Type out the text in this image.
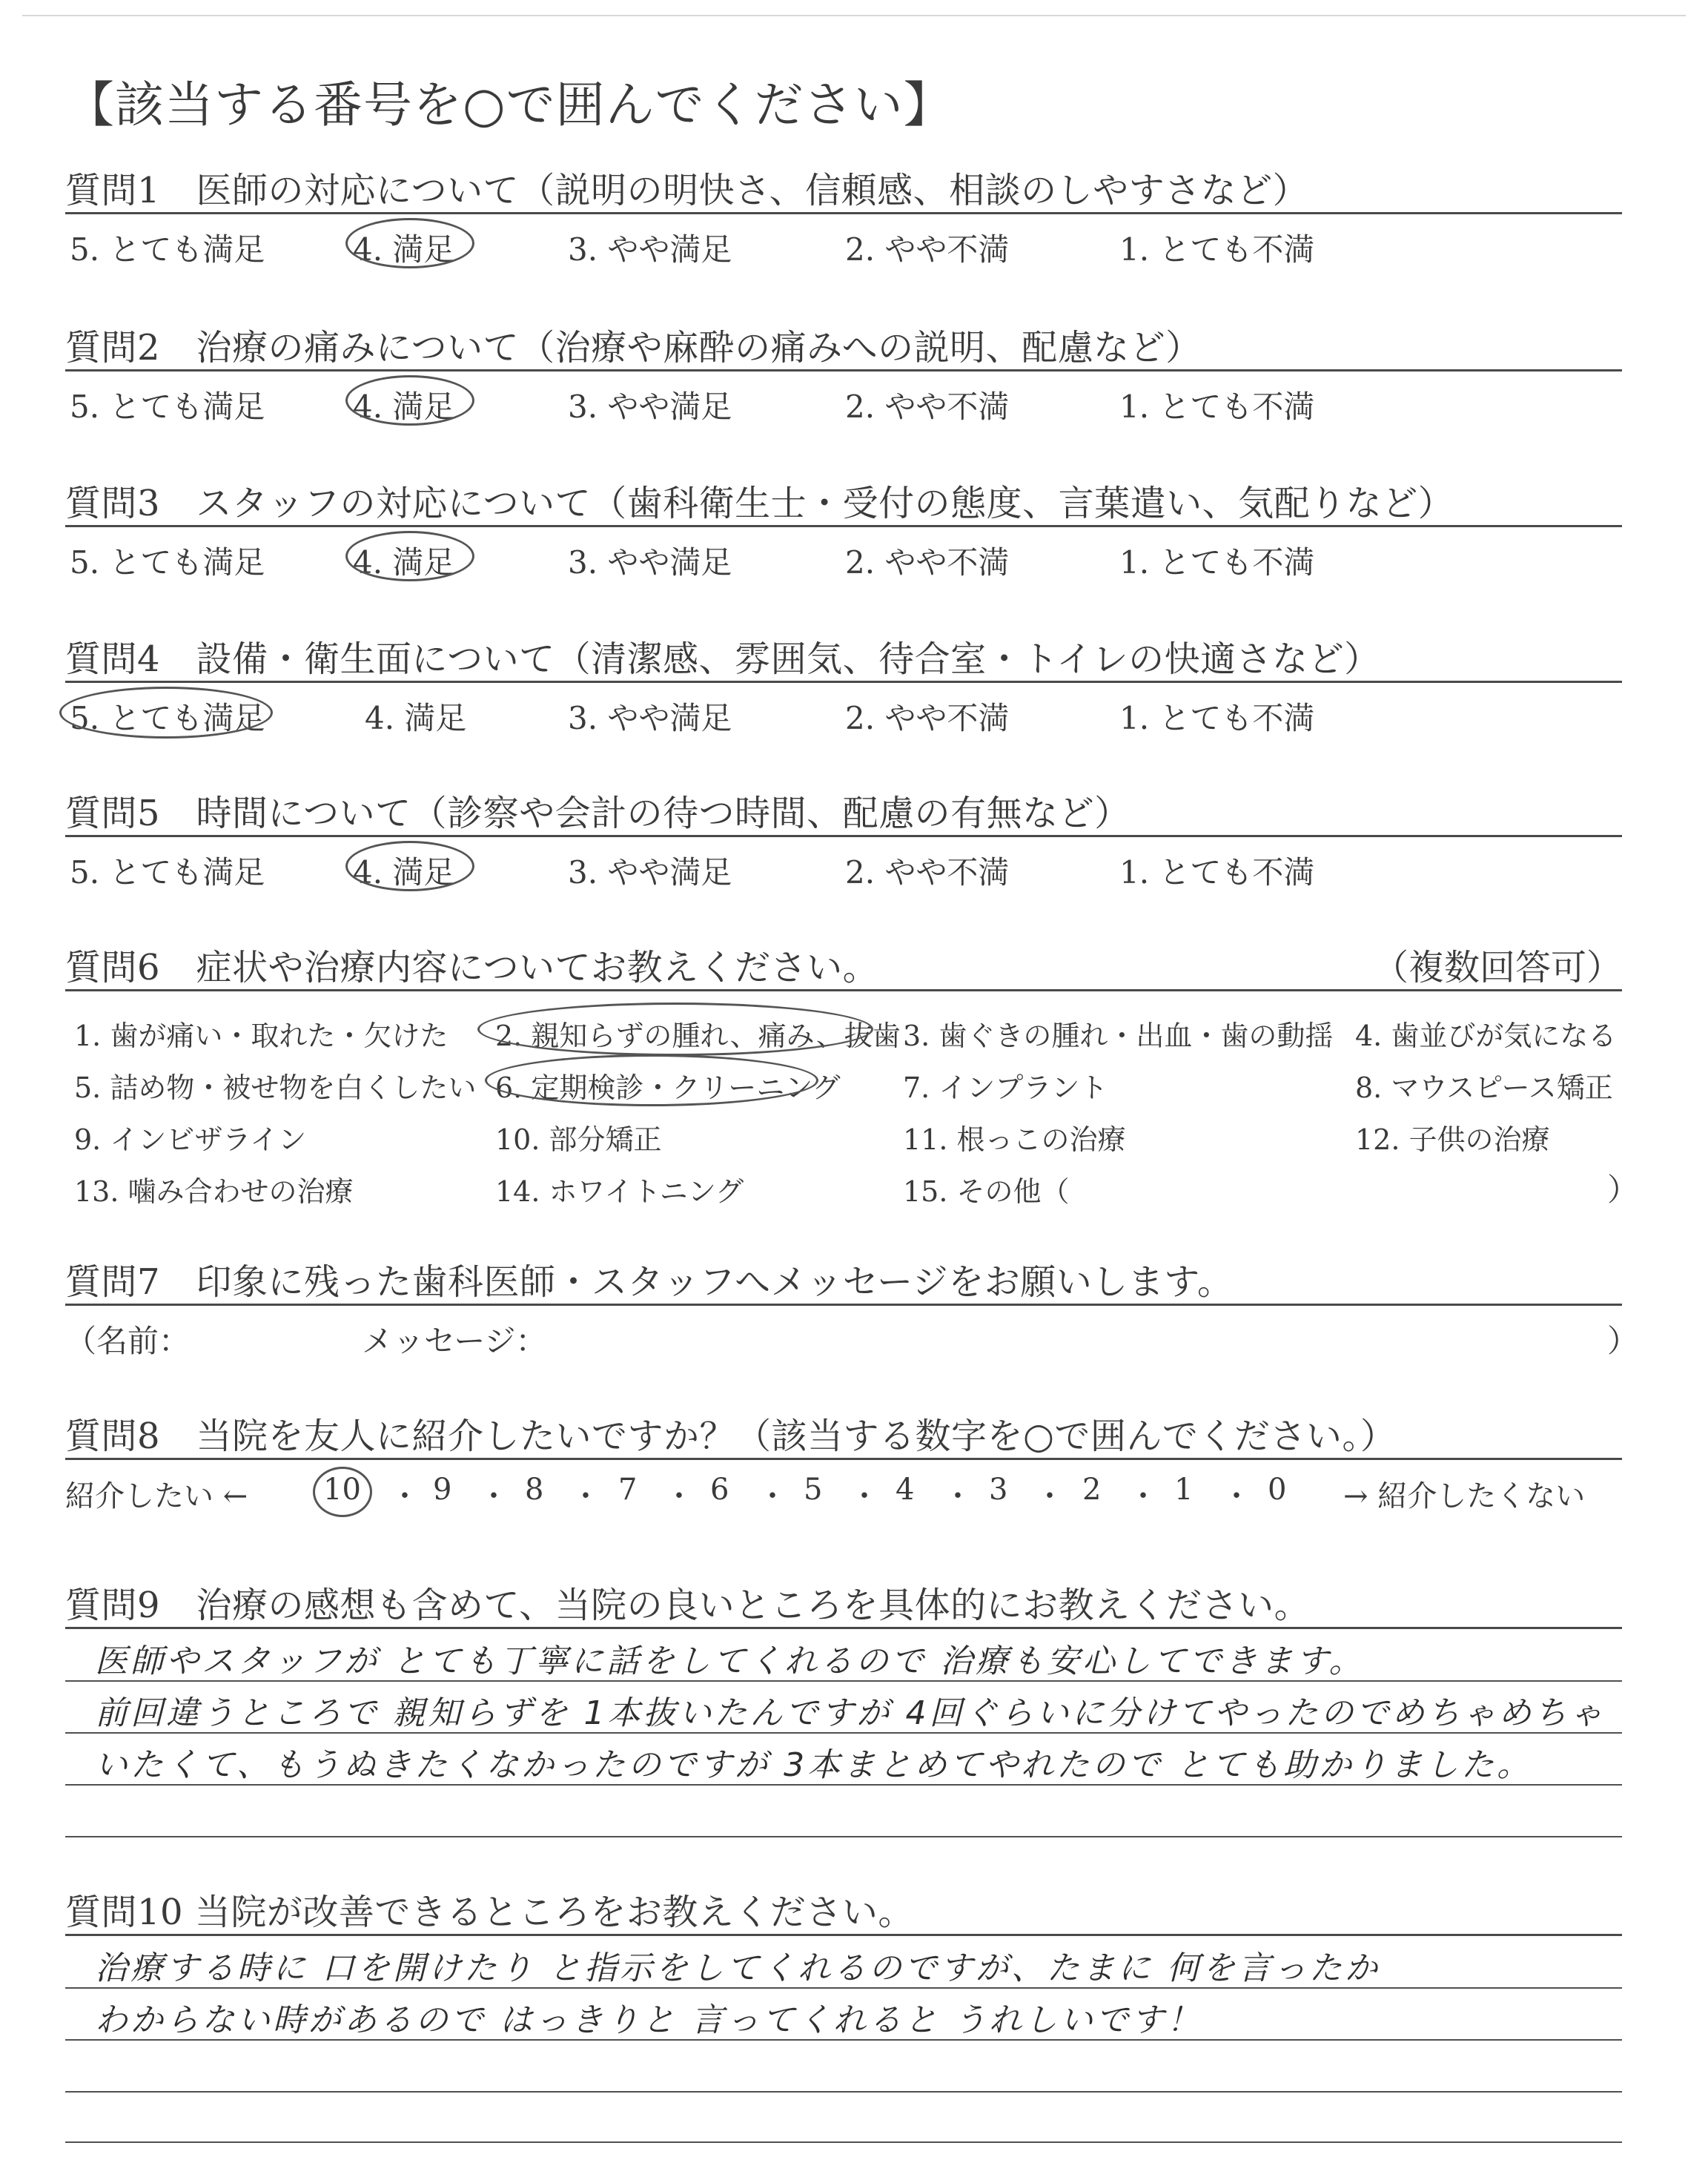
【該当する番号を○で囲んでください】
質問1　医師の対応について（説明の明快さ、信頼感、相談のしやすさなど）
5. とても満足	4. 満足	3. やや満足	2. やや不満	1. とても不満
質問2　治療の痛みについて（治療や麻酔の痛みへの説明、配慮など）
5. とても満足	4. 満足	3. やや満足	2. やや不満	1. とても不満
質問3　スタッフの対応について（歯科衛生士・受付の態度、言葉遣い、気配りなど）
5. とても満足	4. 満足	3. やや満足	2. やや不満	1. とても不満
質問4　設備・衛生面について（清潔感、雰囲気、待合室・トイレの快適さなど）
5. とても満足	4. 満足	3. やや満足	2. やや不満	1. とても不満
質問5　時間について（診察や会計の待つ時間、配慮の有無など）
5. とても満足	4. 満足	3. やや満足	2. やや不満	1. とても不満
質問6　症状や治療内容についてお教えください。	（複数回答可）
1. 歯が痛い・取れた・欠けた 2. 親知らずの腫れ、痛み、抜歯 3. 歯ぐきの腫れ・出血・歯の動揺 4. 歯並びが気になる
5. 詰め物・被せ物を白くしたい 6. 定期検診・クリーニング 7. インプラント	8. マウスピース矯正
9. インビザライン	10. 部分矯正	11. 根っこの治療	12. 子供の治療
13. 噛み合わせの治療	14. ホワイトニング	15. その他（	）
質問7　印象に残った歯科医師・スタッフへメッセージをお願いします。
（名前：	メッセージ：	）
質問8　当院を友人に紹介したいですか？（該当する数字を○で囲んでください。）
紹介したい ←	10 ・ 9 ・ 8 ・ 7 ・ 6 ・ 5 ・ 4 ・ 3 ・ 2 ・ 1 ・ 0 → 紹介したくない
質問9　治療の感想も含めて、当院の良いところを具体的にお教えください。
医師やスタッフが とても丁寧に話をしてくれるので 治療も安心してできます。
前回違うところで 親知らずを 1本抜いたんですが 4回ぐらいに分けてやったのでめちゃめちゃ
いたくて、もうぬきたくなかったのですが 3本まとめてやれたので とても助かりました。
質問10 当院が改善できるところをお教えください。
治療する時に 口を開けたり と指示をしてくれるのですが、たまに 何を言ったか
わからない時があるので はっきりと 言ってくれると うれしいです！
